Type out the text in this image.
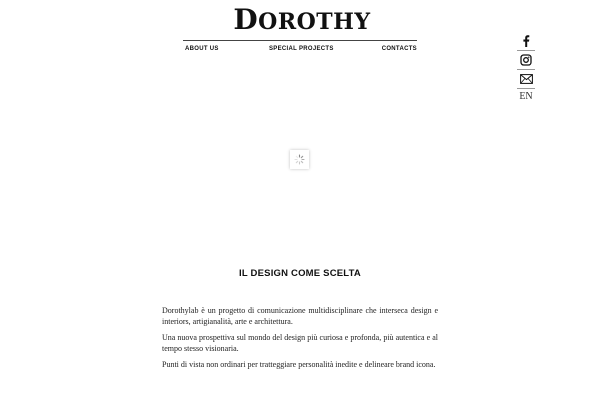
DOROTHY
ABOUT US	SPECIAL PROJECTS	CONTACTS
EN
IL DESIGN COME SCELTA

Dorothylab è un progetto di comunicazione multidisciplinare che interseca design e interiors, artigianalità, arte e architettura.

Una nuova prospettiva sul mondo del design più curiosa e profonda, più autentica e al tempo stesso visionaria.

Punti di vista non ordinari per tratteggiare personalità inedite e delineare brand icona.
